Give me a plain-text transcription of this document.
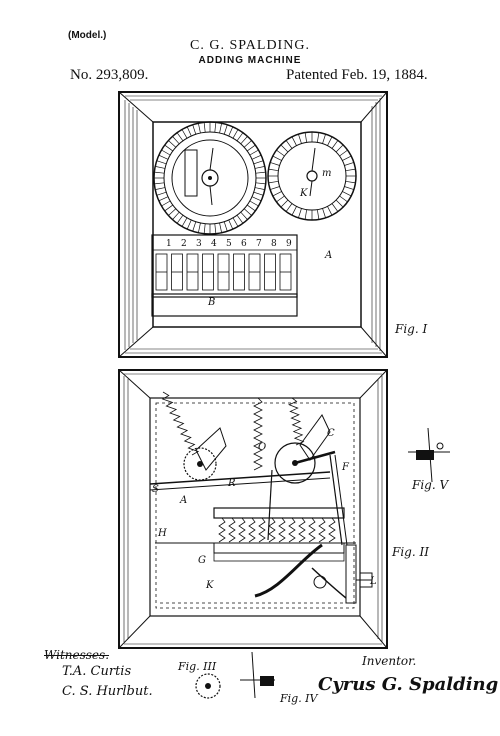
(Model.)
C. G. SPALDING.
ADDING MACHINE
No. 293,809.	Patented Feb. 19, 1884.
1 2 3 4 5 6 7 8 9
B
A
K
m
Fig. I
A
K
H
G
O
F
S
R
L
C
Fig. II
Fig. V
Fig. III
Fig. IV
Witnesses.
T.A. Curtis
C. S. Hurlbut.
Inventor.
Cyrus G. Spalding
